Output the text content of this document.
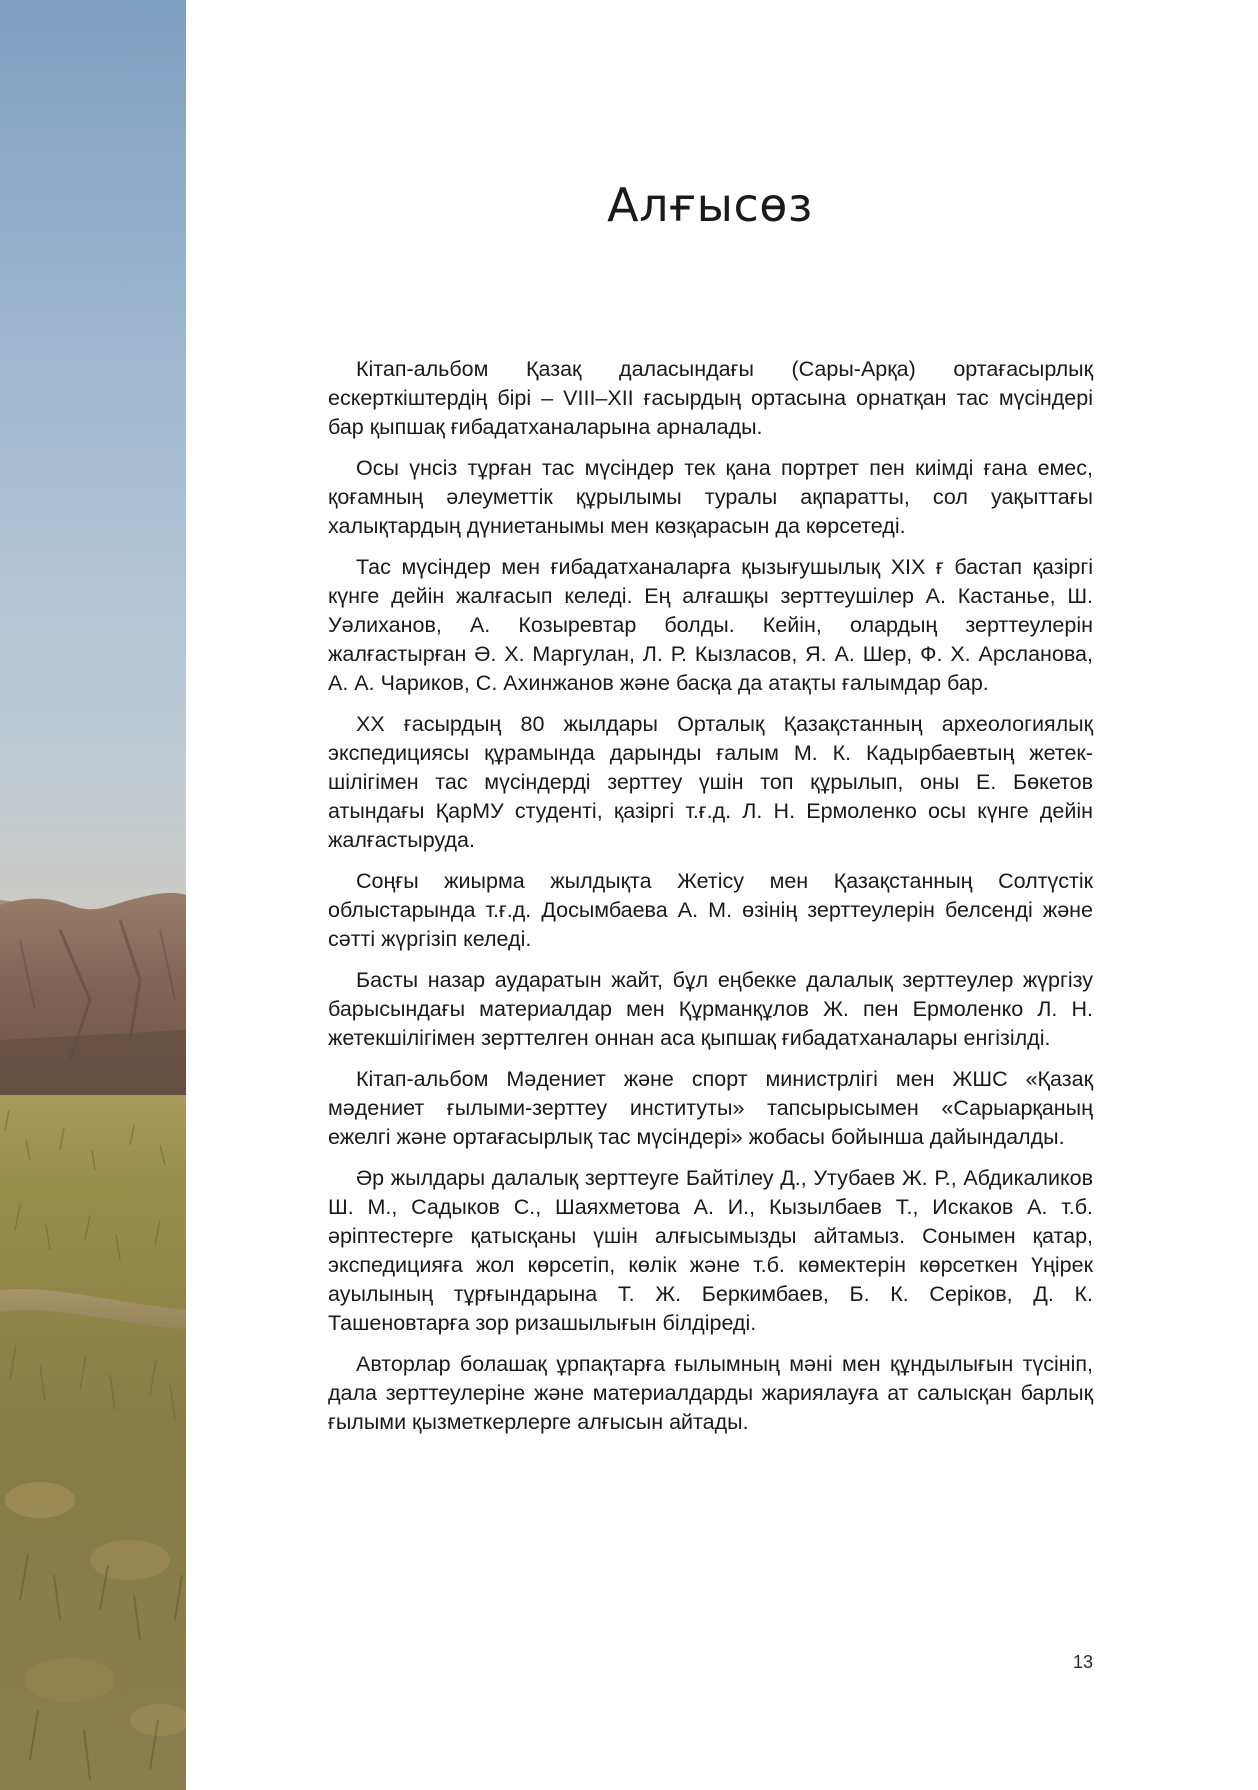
Алғысөз

Кітап-альбом Қазақ даласындағы (Сары-Арқа) ортағасырлық ескерткіштердің бірі – VIII–XII ғасырдың ортасына орнатқан тас мүсіндері бар қыпшақ ғибадатханаларына арналады.

Осы үнсіз тұрған тас мүсіндер тек қана портрет пен киімді ғана емес, қоғамның әлеуметтік құрылымы туралы ақпаратты, сол уақыттағы халықтардың дүниетанымы мен көзқарасын да көрсетеді.

Тас мүсіндер мен ғибадатханаларға қызығушылық XIX ғ бастап қазіргі күнге дейін жалғасып келеді. Ең алғашқы зерттеушілер А. Кастанье, Ш. Уәлиханов, А. Козыревтар болды. Кейін, олардың зерттеулерін жалғастырған Ә. Х. Маргулан, Л. Р. Кызласов, Я. А. Шер, Ф. Х. Арсланова, А. А. Чариков, С. Ахинжанов және басқа да атақты ғалымдар бар.

XX ғасырдың 80 жылдары Орталық Қазақстанның археологиялық экспедициясы құрамында дарынды ғалым М. К. Кадырбаевтың жетекшілігімен тас мүсіндерді зерттеу үшін топ құрылып, оны Е. Бөкетов атындағы ҚарМУ студенті, қазіргі т.ғ.д. Л. Н. Ермоленко осы күнге дейін жалғастыруда.

Соңғы жиырма жылдықта Жетісу мен Қазақстанның Солтүстік облыстарында т.ғ.д. Досымбаева А. М. өзінің зерттеулерін белсенді және сәтті жүргізіп келеді.

Басты назар аударатын жайт, бұл еңбекке далалық зерттеулер жүргізу барысындағы материалдар мен Құрманқұлов Ж. пен Ермоленко Л. Н. жетекшілігімен зерттелген оннан аса қыпшақ ғибадатханалары енгізілді.

Кітап-альбом Мәдениет және спорт министрлігі мен ЖШС «Қазақ мәдениет ғылыми-зерттеу институты» тапсырысымен «Сарыарқаның ежелгі және ортағасырлық тас мүсіндері» жобасы бойынша дайындалды.

Әр жылдары далалық зерттеуге Байтілеу Д., Утубаев Ж. Р., Абдикаликов Ш. М., Садыков С., Шаяхметова А. И., Кызылбаев Т., Искаков А. т.б. әріптестерге қатысқаны үшін алғысымызды айтамыз. Сонымен қатар, экспедицияға жол көрсетіп, көлік және т.б. көмектерін көрсеткен Үңірек ауылының тұрғындарына Т. Ж. Беркимбаев, Б. К. Серіков, Д. К. Ташеновтарға зор ризашылығын білдіреді.

Авторлар болашақ ұрпақтарға ғылымның мәні мен құндылығын түсініп, дала зерттеулеріне және материалдарды жариялауға ат салысқан барлық ғылыми қызметкерлерге алғысын айтады.

13
